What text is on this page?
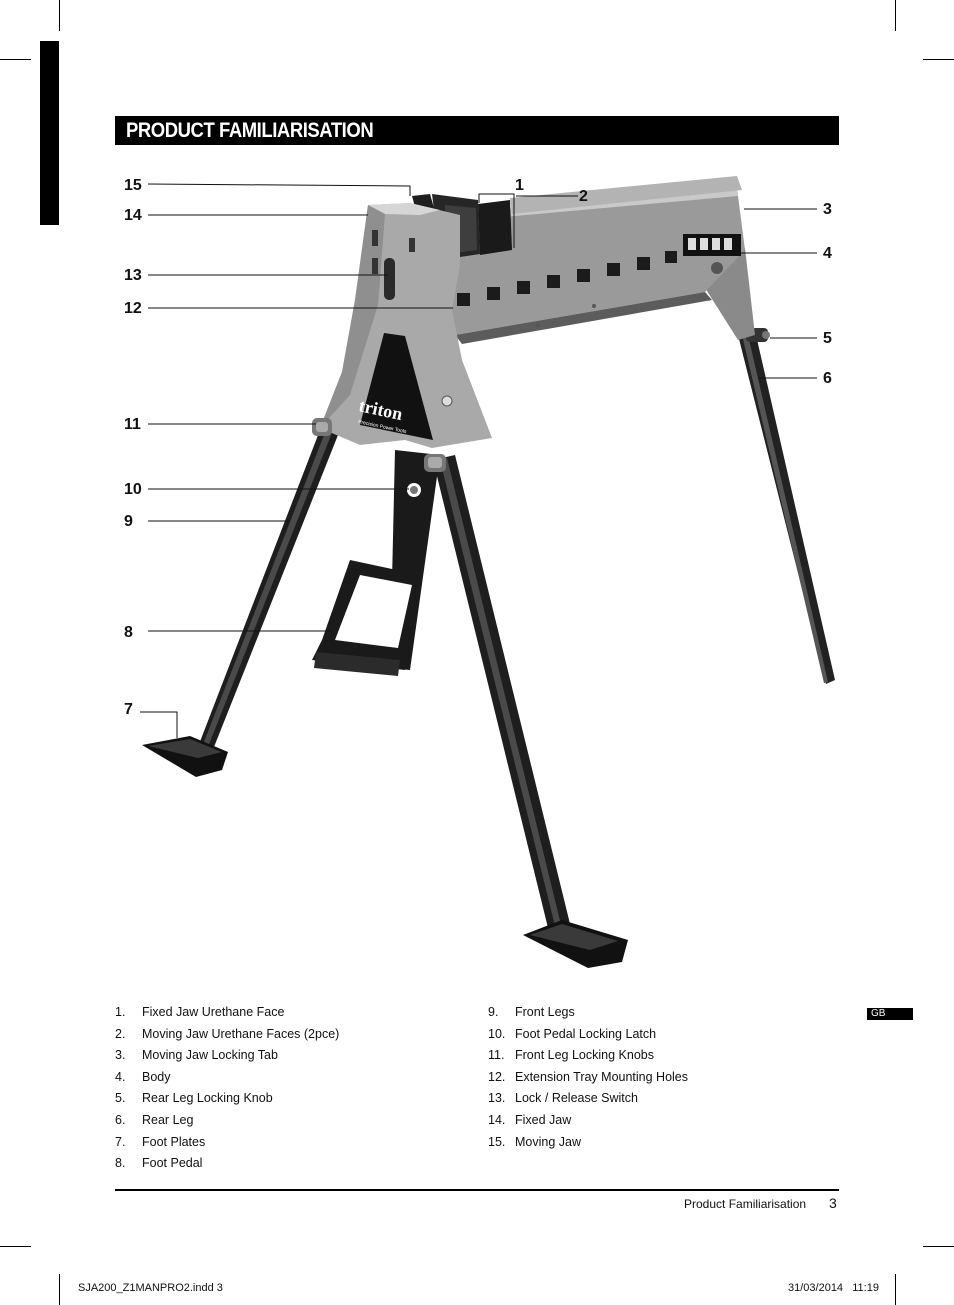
PRODUCT FAMILIARISATION
triton
Precision Power Tools
1
2
3
4
5
6
7
8
9
10
11
12
13
14
15
1.	Fixed Jaw Urethane Face
2.	Moving Jaw Urethane Faces (2pce)
3.	Moving Jaw Locking Tab
4.	Body
5.	Rear Leg Locking Knob
6.	Rear Leg
7.	Foot Plates
8.	Foot Pedal
9.	Front Legs
10. Foot Pedal Locking Latch
11. Front Leg Locking Knobs
12. Extension Tray Mounting Holes
13. Lock / Release Switch
14. Fixed Jaw
15. Moving Jaw
GB
Product Familiarisation 3
SJA200_Z1MANPRO2.indd 3	31/03/2014   11:19
